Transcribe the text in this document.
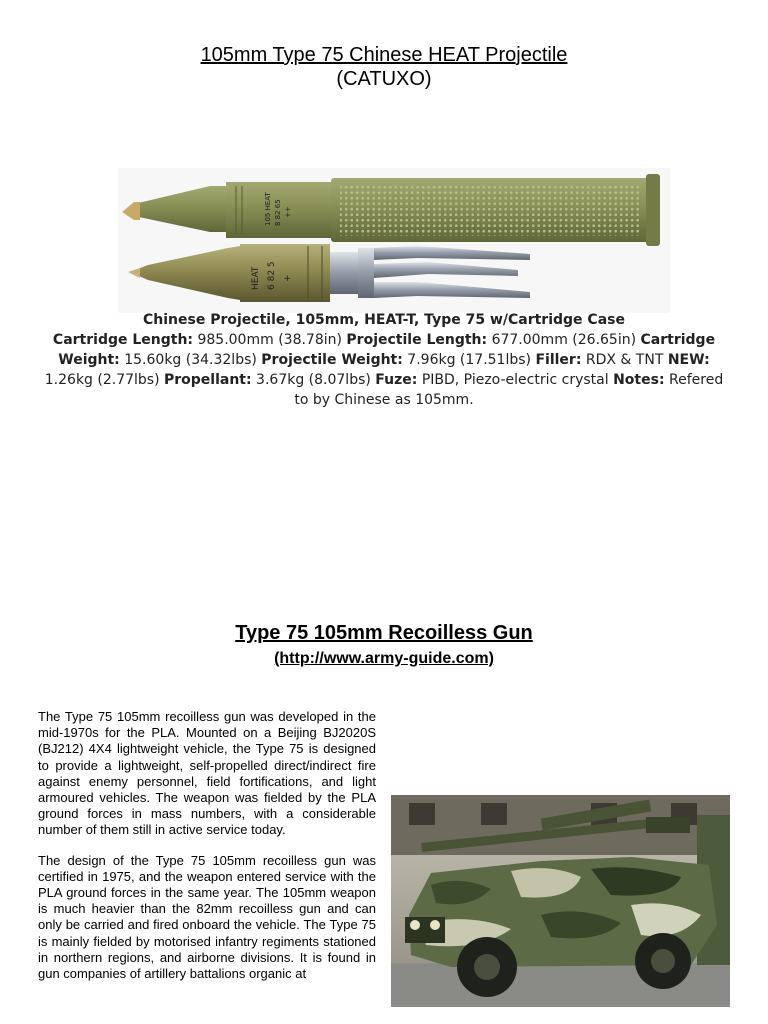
105mm Type 75 Chinese HEAT Projectile
(CATUXO)
105 HEAT 8 82 65 ++
HEAT 6 82 5 +
Chinese Projectile, 105mm, HEAT-T, Type 75 w/Cartridge Case
Cartridge Length: 985.00mm (38.78in) Projectile Length: 677.00mm (26.65in) Cartridge Weight: 15.60kg (34.32lbs) Projectile Weight: 7.96kg (17.51lbs) Filler: RDX & TNT NEW: 1.26kg (2.77lbs) Propellant: 3.67kg (8.07lbs) Fuze: PIBD, Piezo-electric crystal Notes: Refered to by Chinese as 105mm.
Type 75 105mm Recoilless Gun
(http://www.army-guide.com)

The Type 75 105mm recoilless gun was developed in the mid-1970s for the PLA. Mounted on a Beijing BJ2020S (BJ212) 4X4 lightweight vehicle, the Type 75 is designed to provide a lightweight, self-propelled direct/indirect fire against enemy personnel, field fortifications, and light armoured vehicles. The weapon was fielded by the PLA ground forces in mass numbers, with a considerable number of them still in active service today.

The design of the Type 75 105mm recoilless gun was certified in 1975, and the weapon entered service with the PLA ground forces in the same year. The 105mm weapon is much heavier than the 82mm recoilless gun and can only be carried and fired onboard the vehicle. The Type 75 is mainly fielded by motorised infantry regiments stationed in northern regions, and airborne divisions. It is found in gun companies of artillery battalions organic at
